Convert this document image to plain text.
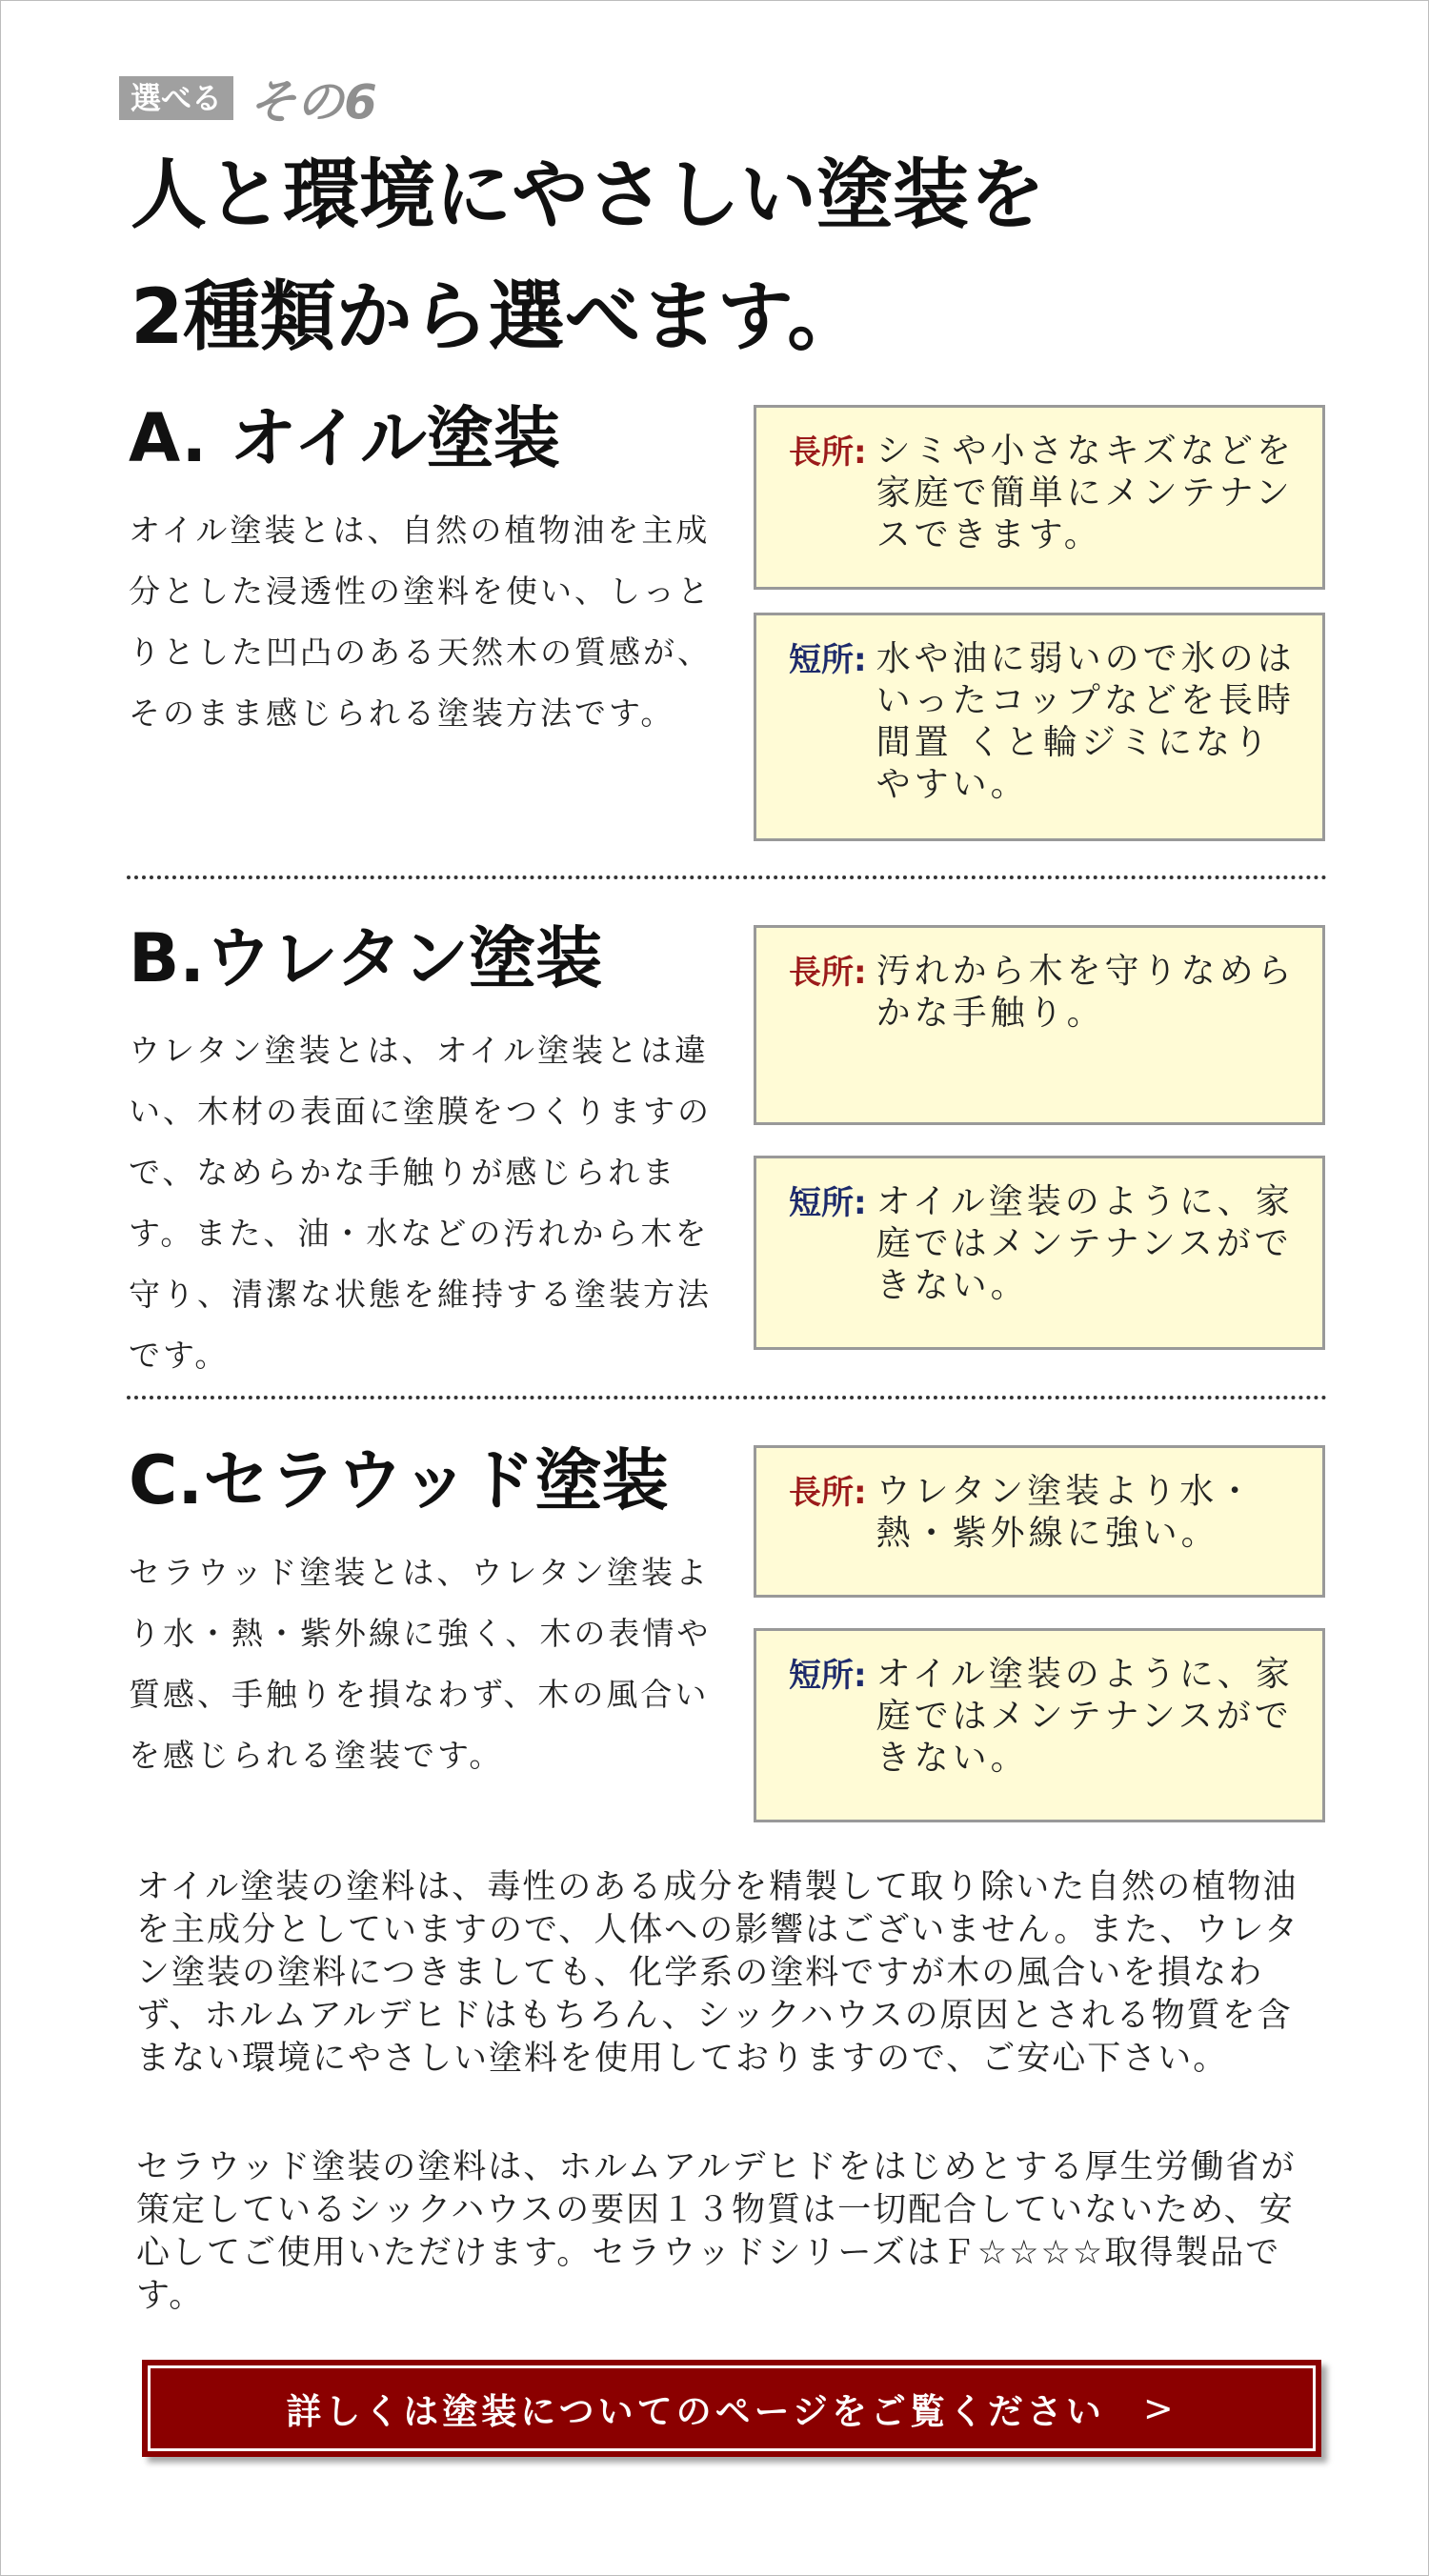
選べる その6
人と環境にやさしい塗装を
2種類から選べます。
A. オイル塗装

オイル塗装とは、自然の植物油を主成分とした浸透性の塗料を使い、しっとりとした凹凸のある天然木の質感が、そのまま感じられる塗装方法です。

長所: シミや小さなキズなどを家庭で簡単にメンテナンスできます。
短所: 水や油に弱いので氷のはいったコップなどを長時間置 くと輪ジミになりやすい。
B.ウレタン塗装

ウレタン塗装とは、オイル塗装とは違い、木材の表面に塗膜をつくりますので、なめらかな手触りが感じられます。また、油・水などの汚れから木を守り、清潔な状態を維持する塗装方法です。

長所: 汚れから木を守りなめらかな手触り。
短所: オイル塗装のように、家庭ではメンテナンスができない。
C.セラウッド塗装

セラウッド塗装とは、ウレタン塗装より水・熱・紫外線に強く、木の表情や質感、手触りを損なわず、木の風合いを感じられる塗装です。

長所: ウレタン塗装より水・熱・紫外線に強い。
短所: オイル塗装のように、家庭ではメンテナンスができない。

オイル塗装の塗料は、毒性のある成分を精製して取り除いた自然の植物油を主成分としていますので、人体への影響はございません。また、ウレタン塗装の塗料につきましても、化学系の塗料ですが木の風合いを損なわず、ホルムアルデヒドはもちろん、シックハウスの原因とされる物質を含まない環境にやさしい塗料を使用しておりますので、ご安心下さい。

セラウッド塗装の塗料は、ホルムアルデヒドをはじめとする厚生労働省が策定しているシックハウスの要因１３物質は一切配合していないため、安心してご使用いただけます。セラウッドシリーズはＦ☆☆☆☆取得製品です。

詳しくは塗装についてのページをご覧ください >
